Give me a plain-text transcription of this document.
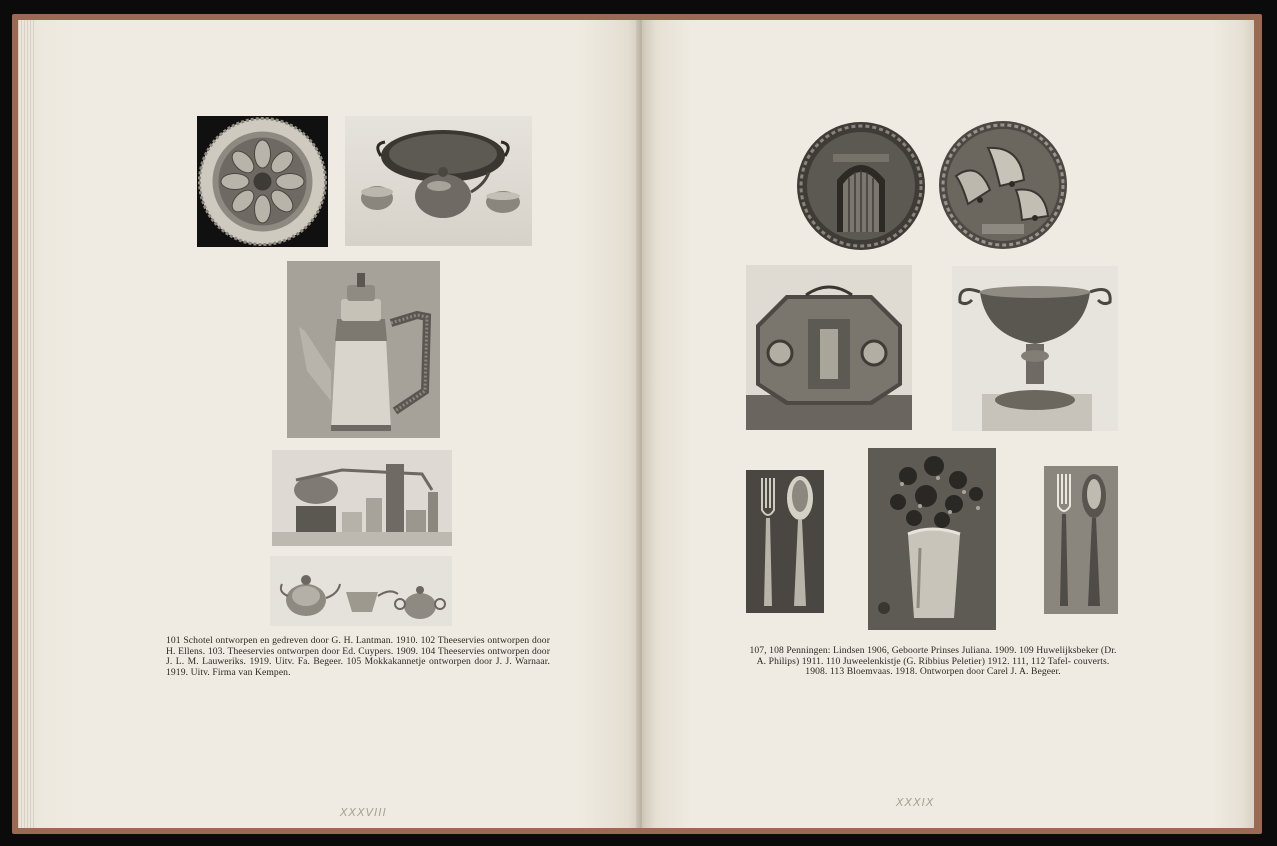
101 Schotel ontworpen en gedreven door G. H. Lantman. 1910. 102 Theeservies ontworpen door H. Ellens. 103. Theeservies ontworpen door Ed. Cuypers. 1909. 104 Theeservies ontworpen door J. L. M. Lauweriks. 1919. Uitv. Fa. Begeer. 105 Mokkakannetje ontworpen door J. J. Warnaar. 1919. Uitv. Firma van Kempen.
XXXVIII
107, 108 Penningen: Lindsen 1906, Geboorte Prinses Juliana. 1909. 109 Huwelijksbeker (Dr. A. Philips) 1911. 110 Juweelenkistje (G. Ribbius Peletier) 1912. 111, 112 Tafel- couverts. 1908. 113 Bloemvaas. 1918. Ontworpen door Carel J. A. Begeer.
XXXIX
